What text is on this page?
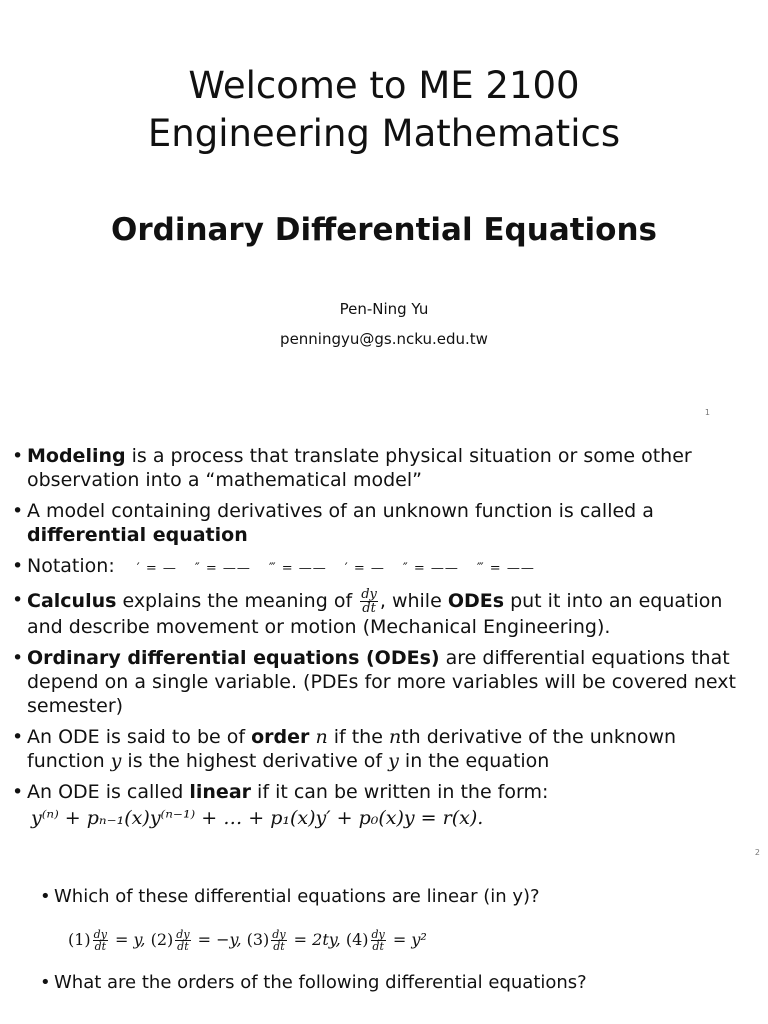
Welcome to ME 2100
Engineering Mathematics
Ordinary Differential Equations
Pen-Ning Yu
penningyu@gs.ncku.edu.tw
1
• Modeling is a process that translate physical situation or some other observation into a “mathematical model”
• A model containing derivatives of an unknown function is called a differential equation
• Notation: ′ = — ″ = —— ‴ = —— ′ = — ″ = —— ‴ = ——
• Calculus explains the meaning of $\frac{dy}{dt}$ , while ODEs put it into an equation and describe movement or motion (Mechanical Engineering).
• Ordinary differential equations (ODEs) are differential equations that depend on a single variable. (PDEs for more variables will be covered next semester)
• An ODE is said to be of order n if the nth derivative of the unknown function y is the highest derivative of y in the equation
• An ODE is called linear if it can be written in the form:
y⁽ⁿ⁾ + pₙ₋₁(x)y⁽ⁿ⁻¹⁾ + … + p₁(x)y′ + p₀(x)y = r(x).
2
• Which of these differential equations are linear (in y)?
$(1) \frac{dy}{dt} = y$, $(2) \frac{dy}{dt} = -y$, $(3) \frac{dy}{dt} = 2ty$, $(4) \frac{dy}{dt} = y^2$
• What are the orders of the following differential equations?
